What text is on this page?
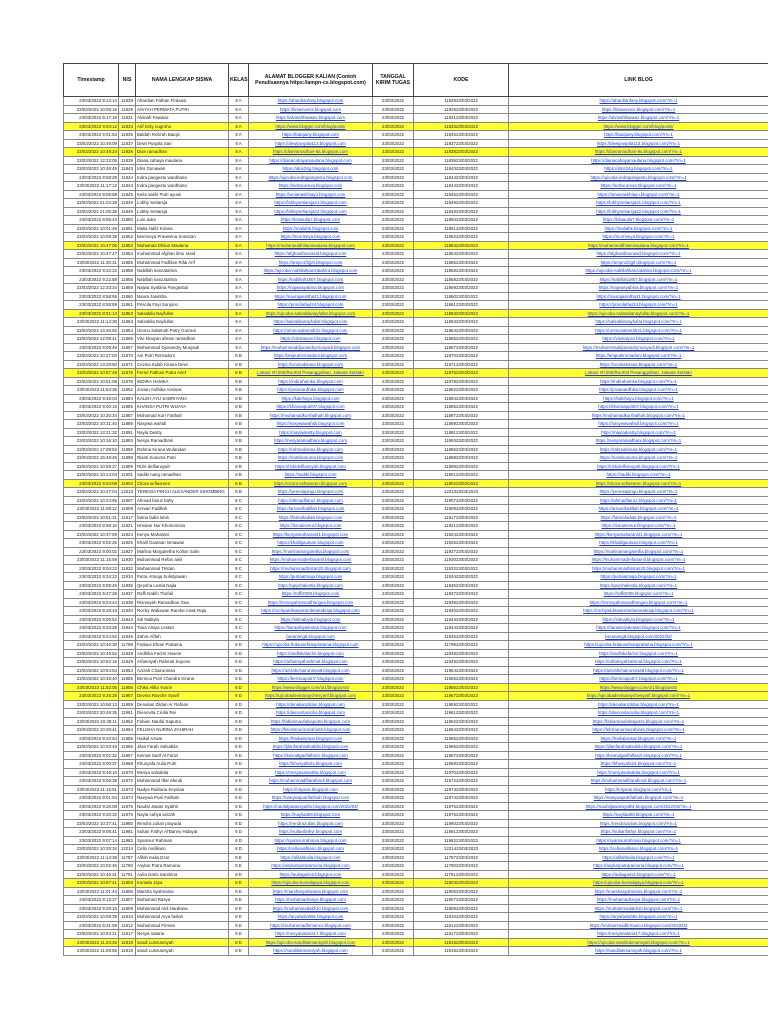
Timestamp	NIS	NAMA LENGKAP SISWA	KELAS	ALAMAT BLOGGER KALIAN (Contoh Penulisannya https://ampn-cs.blogspot.com)	TANGGAL KIRIM TUGAS	KODE	LINK BLOG
23/03/2022 9:14:14	11828	Ahardian Fathan Firdausi	8 A	https://ahardianfany.blogspot.com	23/03/2022	1182823/03/2022	https://ahardianfany.blogspot.com/?m=1
23/03/2022 10:09:15	11829	AISYAH PERMATA PUTRI	8 A	https://lintasvenix.blogspot.com	23/03/2022	1182923/03/2022	https://lintasvenix.blogspot.com/?m=1
23/03/2022 9:17:19	11831	Alvinah Fawwaz	8 A	https://alvinahfawwaz.blogspot.com	23/03/2022	1183123/03/2022	https://alvinahfawwaz.blogspot.com/?m=1
23/03/2022 9:04:12	11833	Arif rizky nugroho	8 A	https://www.blogger.com/blog/posts/	23/03/2022	1183323/03/2022	https://www.blogger.com/blog/posts/
23/03/2022 9:01:54	11835	Baldah Robi'ah Baiqis	8 A	https://baiqiany.blogspot.com	23/03/2022	1183523/03/2022	https://baiqiany.blogspot.com/?m=1
23/03/2022 10:49:09	11837	Dewi Puspita Sari	8 A	https://dewipuspita113.blogspot.com	23/03/2022	1183723/03/2022	https://dewipuspita113.blogspot.com/?m=1
23/03/2022 10:49:24	11838	Dian ramadhan	8 A	https://dianramadhan-8a.blogspot.com	23/03/2022	1183823/03/2022	https://dianramadhan-8a.blogspot.com/?m=1
23/03/2022 12:23:05	11839	Diana cahaya maulana	8 A	https://dianacahayamaulana.blogspot.com	23/03/2022	1183923/03/2022	https://dianacahayamaulana.blogspot.com/?m=1
23/03/2022 10:48:45	11843	Idris Gunawan	8 A	https://idris24g.blogspot.com	23/03/2022	1184323/03/2022	https://idris24g.blogspot.com/?m=1
23/03/2022 8:58:29	11844	Indra pangestu wardhana	8 A	https://ujicoba-indrapangestu.blogspot.com	23/03/2022	1184423/03/2022	https://ujicoba-indrapangestu.blogspot.com/?m=1
23/03/2022 11:17:12	11844	Indra pangestu wardhana	8 A	https://indracoreva.blogspot.com	23/03/2022	1184423/03/2022	https://indracoreva.blogspot.com/?m=1
23/03/2022 9:05:58	11845	Keila sakhi Putri ayuini	8 A	https://ionianaskhiayu.blogspot.com	23/03/2022	1184523/03/2022	https://ionianaskhiayu.blogspot.com/?m=1
23/03/2022 21:04:28	11849	Lobby Setiarsja	8 A	https://lobbysetiarsja21.blogspot.com	23/03/2022	1184923/03/2022	https://lobbysetiarsja21.blogspot.com/?m=1
23/03/2022 21:05:38	11849	Lobby Setiarsja	8 A	https://lobbysetiarsja22.blogspot.com	23/03/2022	1184923/03/2022	https://lobbysetiarsja22.blogspot.com/?m=1
23/03/2022 8:56:43	11850	Lulo aulia	8 A	https://lolaaulia7.blogspot.com	23/03/2022	1185023/03/2022	https://lolaaulia7.blogspot.com/?m=1
23/03/2022 10:01:48	11851	Malia Hafiz Kirana	8 A	https://maliahk.blogspot.com	23/03/2022	1185123/03/2022	https://maliahk.blogspot.com/?m=1
23/03/2022 10:09:38	11852	Morriseya Praweena Soeazan	8 A	https://morriseya.blogspot.com	23/03/2022	1185223/03/2022	https://morriseya.blogspot.com/?m=1
23/03/2022 10:47:06	11853	Muhamad Dhilan Maulana	8 A	https://muhameddhilanmaulana.blogspot.com	23/03/2022	1185323/03/2022	https://muhameddhilanmaulana.blogspot.com/?m=1
23/03/2022 10:47:47	11854	muhammad afghan ibnu rasid	8 A	https://afghanibnurasid.blogspot.com	23/03/2022	1185423/03/2022	https://afghanibnurasid.blogspot.com/?m=1
23/03/2022 11:30:31	11855	Muhammad Fadhlan Rifai Arif	8 A	https://ampn1f2jph.blogspot.com	23/03/2022	1185523/03/2022	https://ampn1f2jph.blogspot.com/?m=1
23/03/2022 9:22:22	11858	Nabillah kanzatahira	8 A	https://ujicoba-nabillahkanzatahira.blogspot.com	23/03/2022	1185823/03/2022	https://ujicoba-nabillahkanzatahira.blogspot.com/?m=1
23/03/2022 9:22:58	11858	Nabillah kanzatahira	8 A	https://nabillah1807.blogspot.com	23/03/2022	1185823/03/2022	https://nabillah1807.blogspot.com/?m=1
23/03/2022 12:33:34	11859	Najwa Syabina Pangastuti	8 A	https://najwasyabina.blogspot.com	23/03/2022	1185923/03/2022	https://najwasyabina.blogspot.com/?m=1
23/03/2022 8:58:55	11860	Naura Jasintha	8 A	https://naurajasintha21.blogspot.com	23/03/2022	1186023/03/2022	https://naurajasintha21.blogspot.com/?m=1
23/03/2022 8:59:59	11861	Priscila Fayi Sunjono	8 A	https://priscilafayi24.blogspot.com	23/03/2022	1186123/03/2022	https://priscilafayi24.blogspot.com/?m=1
23/03/2022 8:51:14	11863	Salsabila Nayfullar	8 A	https://ujicoba-salsabilanayfullar.blogspot.com	23/03/2022	1186323/03/2022	https://ujicoba-salsabilanayfullar.blogspot.com/?m=1
23/03/2022 11:14:30	11863	Salsabila Nayfullar	8 A	https://salsabilanayfullar.blogspot.com	23/03/2022	1186323/03/2022	https://salsabilanayfullar.blogspot.com/?m=1
23/03/2022 14:26:52	11864	Ummu Salamah Putry Gus'ani	8 A	https://ummusalamah31.blogspot.com	23/03/2022	1186423/03/2022	https://ummusalamah31.blogspot.com/?m=1
23/03/2022 12:09:41	11865	Vito khaiyan ahnan ramadhan	8 A	https://vitokaiyan.blogspot.com	23/03/2022	1186523/03/2022	https://vitokaiyan.blogspot.com/?m=1
23/03/2022 9:09:49	11867	Muhammad Djunandry Musyadi	8 A	https://muhammaddjunandrymusyadi.blogspot.com	23/03/2022	1186723/03/2022	https://muhammaddjunandrymusyadi.blogspot.com/?m=1
23/03/2022 10:27:03	11870	Ani Putri Romadoni	8 B	https://aniputriromadoni.blogspot.com	23/03/2022	1187023/03/2022	https://aniputriromadoni.blogspot.com/?m=1
23/03/2022 13:29:50	11871	Cevina Indah Kirana Dewi	8 B	https://cevinakirana.blogspot.com	23/03/2022	1187123/03/2022	https://cevinakirana.blogspot.com/?m=1
23/03/2022 10:57:48	11876	Ferrel Fathoni Putra Arief	8 B	Lokasi: Rt.006/Rw.003 Pesanggrahan, Jakarta Selatan	23/03/2022	1187623/03/2022	Lokasi: Rt.006/Rw.003 Pesanggrahan, Jakarta Selatan
23/03/2022 10:51:08	11878	INDIRA HAMKA	8 B	https://indirahamka.blogspot.com	23/03/2022	1187823/03/2022	https://indirahamka.blogspot.com/?m=1
23/03/2022 11:54:35	11882	Jovian Ardhika Arviana	8 B	https://jovianardhika.blogspot.com	23/03/2022	1188223/03/2022	https://jovianardhika.blogspot.com/?m=1
23/03/2022 9:48:03	11884	KALEH AYU SABRIYANA	8 B	https://kalehayu.blogspot.com	23/03/2022	1188423/03/2022	https://kalehayu.blogspot.com/?m=1
23/03/2022 9:00:16	11885	KHANSA PUTRI WIJAYA	8 B	https://khansaputri07.blogspot.com	23/03/2022	1188523/03/2022	https://khansaputri07.blogspot.com/?m=1
23/03/2022 10:20:34	11887	Muhamad Kurr Fatihah	8 B	https://muhamadkurrfatihah.blogspot.com	23/03/2022	1188723/03/2022	https://muhamadkurrfatihah.blogspot.com/?m=1
23/03/2022 10:31:40	11889	Nasywa wahidi	8 B	https://nasywawahidi.blogspot.com	23/03/2022	1188923/03/2022	https://nasywawahidi.blogspot.com/?m=1
23/03/2022 13:21:32	11891	Nayla Destty	8 B	https://nayladestty.blogspot.com	23/03/2022	1189123/03/2022	https://nayladestty.blogspot.com/?m=1
23/03/2022 10:16:10	11893	Nesya Ramadhani	8 B	https://nesyaramadhani.blogspot.com	23/03/2022	1189323/03/2022	https://nesyaramadhani.blogspot.com/?m=1
23/03/2022 17:09:53	11896	Rahma Kirana Wulandari	8 B	https://rahmakirana.blogspot.com	23/03/2022	1189623/03/2022	https://rahmakirana.blogspot.com/?m=1
23/03/2022 15:48:45	11898	Rianti Kusuma Putri	8 B	https://riantikusuma.blogspot.com	23/03/2022	1189823/03/2022	https://riantikusuma.blogspot.com/?m=1
23/03/2022 10:59:27	11899	Rizki delfiansyah	8 B	https://rizkidelfiansyah.blogspot.com	23/03/2022	1189923/03/2022	https://rizkidelfiansyah.blogspot.com/?m=1
23/03/2022 10:14:04	11901	Sadiki nang ramadhan	8 B	https://sadiki.blogspot.com	23/03/2022	1190123/03/2022	https://sadiki.blogspot.com/?m=1
23/03/2022 9:04:08	11902	Citora sefiasreen	8 B	https://citora-sefiasreen.blogspot.com	23/03/2022	1190223/03/2022	https://citora-sefiasreen.blogspot.com/?m=1
23/03/2022 10:47:04	12213	YERESIA PINGU ALEXANDER SIHOMBING	8 B	https://yeresiapingu.blogspot.com	23/03/2022	1221323/03/2022	https://yeresiapingu.blogspot.com/?m=1
23/03/2022 10:24:55	11907	Ahmad fairuz bahy	8 C	https://ahmadfairuz.blogspot.com	23/03/2022	1190723/03/2022	https://ahmadfairuz.blogspot.com/?m=1
23/03/2022 11:09:12	11909	Arsvari Fadillah	8 C	https://arsvarifadillah.blogspot.com	23/03/2022	1190923/03/2022	https://arsvarifadillah.blogspot.com/?m=1
23/03/2022 10:51:31	11917	fatma fadia lubis	8 C	https://fatmafadia5.blogspot.com	23/03/2022	1191723/03/2022	https://fatmafadia5.blogspot.com/?m=1
23/03/2022 8:58:10	11921	Ismaine Nur Khoirunnisa	8 C	https://ismainenur.blogspot.com	23/03/2022	1192123/03/2022	https://ismainenur.blogspot.com/?m=1
23/03/2022 10:37:59	11924	Kenya Maharani	8 C	https://kenyamaharani21.blogspot.com	23/03/2022	1192423/03/2022	https://kenyamaharani21.blogspot.com/?m=1
23/03/2022 9:02:26	11925	Khalil Gautsan Ismawan	8 C	https://khalilgautsan.blogspot.com	23/03/2022	1192523/03/2022	https://khalilgautsan.blogspot.com/?m=1
23/03/2022 9:00:02	11927	Marlina Margaretha Kollon Solin	8 C	https://marlinamargaretha.blogspot.com	23/03/2022	1192723/03/2022	https://marlinamargaretha.blogspot.com/?m=1
23/03/2022 11:15:59	11930	Muhammad Refan ainil	8 C	https://muhammadrefanainil.blogspot.com	23/03/2022	1193023/03/2022	https://muhammadrefanainil.blogspot.com/?m=1
23/03/2022 9:04:22	11932	Muhammad Tristan	8 C	https://muhammadtristan20.blogspot.com	23/03/2022	1193223/03/2022	https://muhammadtristan20.blogspot.com/?m=1
23/03/2022 9:34:22	11934	Putra Atmaja Sulistyawan	8 C	https://putraatmaja.blogspot.com	23/03/2022	1193423/03/2022	https://putraatmaja.blogspot.com/?m=1
23/03/2022 9:05:45	11935	Qeysha Lestia Najla	8 C	https://qeyshalestia.blogspot.com	23/03/2022	1193523/03/2022	https://qeyshalestia.blogspot.com/?m=1
23/03/2022 9:47:28	11937	Raffi Nabih Thufail	8 C	https://raffi2008.blogspot.com	23/03/2022	1193723/03/2022	https://raffi2008.blogspot.com/?m=1
23/03/2022 9:04:44	11938	Rismayah Ramadhan Gea	8 C	https://rismayahramadhangea.blogspot.com	23/03/2022	1193823/03/2022	https://rismayahramadhangea.blogspot.com/?m=1
23/03/2022 9:28:43	11940	Rochy Widiswan Rambe Anak Raja	8 C	https://rochywidiswanrambeanakraja.blogspot.com	23/03/2022	1194023/03/2022	https://rochywidiswanrambeanakraja.blogspot.com/?m=1
23/03/2022 9:05:52	11943	Siti Nabiyla	8 C	https://sitinabiyla.blogspot.com	23/03/2022	1194323/03/2022	https://sitinabiyla.blogspot.com/?m=1
23/03/2022 9:33:28	11944	Tiara Alsiya Lestari	8 C	https://tiaraalsiyalestari.blogspot.com	23/03/2022	1194423/03/2022	https://tiaraalsiyalestari.blogspot.com/?m=1
23/03/2022 9:24:52	11945	Zahra Afifah	8 C	beranang8.blogspot.com	23/03/2022	1194523/03/2022	beranang8.blogspot.com/2022/03/
23/03/2022 10:46:30	11798	Firdaus Efnan Pratama	8 D	https://ujicoba-firdausefnanpratama.blogspot.com	23/03/2022	1179823/03/2022	https://ujicoba-firdausefnanpratama.blogspot.com/?m=1
23/03/2022 10:45:52	11948	Andhika Fachri Husein	8 D	https://andhikafachri.blogspot.com	23/03/2022	1194823/03/2022	https://andhikafachri.blogspot.com/?m=1
23/03/2022 10:52:15	11949	Arfiansyah Rahmat Suyono	8 D	https://arfiansyahrahmat.blogspot.com	23/03/2022	1194923/03/2022	https://arfiansyahrahmat.blogspot.com/?m=1
23/03/2022 10:54:54	11954	Azizah Chairunnisa	8 D	https://azizahchairunnisa8.blogspot.com	23/03/2022	1195423/03/2022	https://azizahchairunnisa8.blogspot.com/?m=1
23/03/2022 10:48:40	11955	Bernica Putri Chandra Kirana	8 D	https://bernicaputri7.blogspot.com	23/03/2022	1195523/03/2022	https://bernicaputri7.blogspot.com/?m=1
23/03/2022 11:52:05	11956	Chika Alifia Yusrin	8 D	https://www.blogger.com/u/1/blog/posts/	23/03/2022	1195623/03/2022	https://www.blogger.com/u/1/blog/posts/
23/03/2022 9:26:28	11957	Devina Rayche Syarif	8 D	https://ujicobadevinaraychesyarif.blogspot.com	23/03/2022	1195723/03/2022	https://ujicobadevinaraychesyarif.blogspot.com/?m=1
23/03/2022 10:56:13	11959	Denalian Zildan Ar Rafrian	8 D	https://denalianzildan.blogspot.com	23/03/2022	1195923/03/2022	https://denalianzildan.blogspot.com/?m=1
23/03/2022 20:49:35	11961	Dienovita Cicilia Rei	8 D	https://dienovitacicilia.blogspot.com	23/03/2022	1196123/03/2022	https://dienovitacicilia.blogspot.com/?m=1
23/03/2022 10:48:11	11962	Fabian Naufal Saputra	8 D	https://fabiannaufalsaputra.blogspot.com	23/03/2022	1196223/03/2022	https://fabiannaufalsaputra.blogspot.com/?m=1
23/03/2022 10:28:41	11964	FELISHA NURINA ZAHIRAH	8 D	https://felishanurinazahirah.blogspot.com	23/03/2022	1196423/03/2022	https://felishanurinazahirah.blogspot.com/?m=1
23/03/2022 9:22:54	11965	Haikal Azwar	8 D	https://haikalazwar.blogspot.com	23/03/2022	1196523/03/2022	https://haikalazwar.blogspot.com/?m=1
23/03/2022 10:03:45	11966	Jilan Farah Salsabila	8 D	https://jilanfarahsalsabila.blogspot.com	23/03/2022	1196623/03/2022	https://jilanfarahsalsabila.blogspot.com/?m=1
23/03/2022 9:02:32	11967	Keimal Garif Al Farizi	8 D	https://keimalgarifalfarizi.blogspot.com	23/03/2022	1196723/03/2022	https://keimalgarifalfarizi.blogspot.com/?m=1
23/03/2022 9:00:37	11968	Khusyafa Aulia Putri	8 D	https://khusyafa24.blogspot.com	23/03/2022	1196823/03/2022	https://khusyafa24.blogspot.com/?m=1
23/03/2022 9:49:10	11970	Mesya salsabila	8 D	https://mesyasalsabila.blogspot.com	23/03/2022	1197023/03/2022	https://mesyasalsabila.blogspot.com/?m=1
23/03/2022 9:05:38	11972	Muhammad Iftar afendi	8 D	https://muhammadiftarafendi.blogspot.com	23/03/2022	1197223/03/2022	https://muhammadiftarafendi.blogspot.com/?m=1
23/03/2022 11:15:51	11973	Nadya Raihana Keysiaa	8 D	https://nityarai.blogspot.com	23/03/2022	1197323/03/2022	https://nityarai.blogspot.com/?m=1
23/03/2022 9:01:54	11974	Naeywa Putri Fathiah	8 D	https://naeywaputrifathiah.blogspot.com	23/03/2022	1197423/03/2022	https://naeywaputrifathiah.blogspot.com/?m=1
23/03/2022 9:26:08	11975	Naufal Jawas Syathir	8 D	https://naufaljawassyathir.blogspot.com/2022/03/	23/03/2022	1197523/03/2022	https://naufaljawassyathir.blogspot.com/2022/03/?m=1
23/03/2022 9:20:32	11976	Nayla cahya azizah	8 D	https://nayliaa08.blogspot.com	23/03/2022	1197623/03/2022	https://nayliaa08.blogspot.com/?m=1
23/03/2022 10:37:41	11980	Rendra zulian prayuda	8 D	https://rendrazulian.blogspot.com	23/03/2022	1198023/03/2022	https://rendrazulian.blogspot.com/?m=1
23/03/2022 9:08:41	11981	Sultan Fathyr Al'Banny Hidayat	8 D	https://sultanfathyr.blogspot.com	23/03/2022	1198123/03/2022	https://sultanfathyr.blogspot.com/?m=1
23/03/2022 9:07:14	11982	Syamsur Rahman	8 D	https://syamsurrahman.blogspot.com	23/03/2022	1198223/03/2022	https://syamsurrahman.blogspot.com/?m=1
23/03/2022 10:25:34	12214	Cello Avrilliano	8 D	https://celloavrilliano.blogspot.com	23/03/2022	1221423/03/2022	https://celloavrilliano.blogspot.com/?m=1
23/03/2022 11:14:38	11787	Alifah Kaila Dzar	8 E	https://alifahkaila.blogspot.com	23/03/2022	1178723/03/2022	https://alifahkaila.blogspot.com/?m=1
23/03/2022 10:02:46	11790	Asykar Putra Ramona	8 E	https://asykarputraramona.blogspot.com	23/03/2022	1179023/03/2022	https://asykarputraramona.blogspot.com/?m=1
23/03/2022 10:46:31	11791	Aulia Garis Sandrina	8 E	https://auliagaris2.blogspot.com	23/03/2022	1179123/03/2022	https://auliagaris2.blogspot.com/?m=1
23/03/2022 10:57:41	11803	Kumala Jaya	8 E	https://ujicoba-kumalajaya.blogspot.com	23/03/2022	1180323/03/2022	https://ujicoba-kumalajaya.blogspot.com/?m=1
23/03/2022 11:01:44	11805	Marsha Syahirania	8 E	https://marshasyahirania.blogspot.com	23/03/2022	1180523/03/2022	https://marshasyahirania.blogspot.com/?m=1
23/03/2022 9:13:27	11807	Muhamad Rasya	8 E	https://muhamadrasya.blogspot.com	23/03/2022	1180723/03/2022	https://muhamadrasya.blogspot.com/?m=1
23/03/2022 9:29:15	11809	Muhammad Aldi Hardiana	8 E	https://muhammadaldi10.blogspot.com	23/03/2022	1180923/03/2022	https://muhammadaldi10.blogspot.com/?m=1
23/03/2022 10:09:39	11810	Muhammad Arya faslah	8 E	https://aryafaslah8e.blogspot.com	23/03/2022	1181023/03/2022	https://aryafaslah8e.blogspot.com/?m=1
23/03/2022 9:31:59	11812	Muhammad Firman	8 E	https://muhammadfirmanco.blogspot.com	23/03/2022	1181223/03/2022	https://muhammadfirmanco.blogspot.com/2022/03
23/03/2022 10:53:21	11817	Nesya nataria	8 E	https://nesyanataria17.blogspot.com	23/03/2022	1181723/03/2022	https://nesyanataria17.blogspot.com/?m=1
23/03/2022 11:34:45	11818	sandi Lukmansyah	8 E	https://ujicoba-sandilukmansyah.blogspot.com	23/03/2022	1181823/03/2022	https://ujicoba-sandilukmansyah.blogspot.com/?m=1
23/03/2022 11:59:56	11818	sandi Lukmansyah	8 E	https://sandilukmansyah.blogspot.com	23/03/2022	1181823/03/2022	https://sandilukmansyah.blogspot.com/?m=1
